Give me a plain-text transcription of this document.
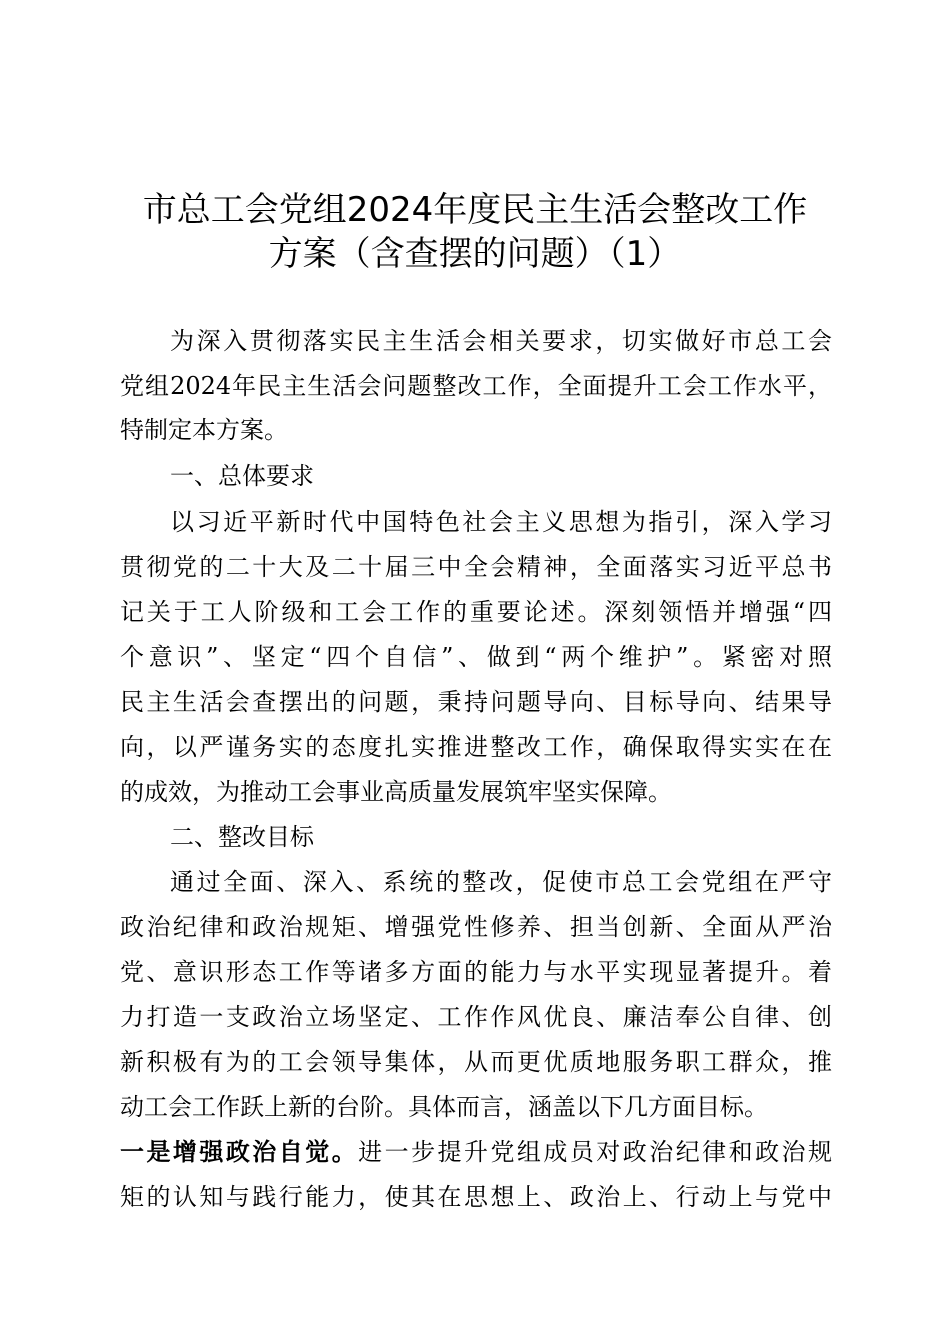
市总工会党组2024年度民主生活会整改工作
方案（含查摆的问题）（1）
为深入贯彻落实民主生活会相关要求，切实做好市总工会
党组2024年民主生活会问题整改工作，全面提升工会工作水平，
特制定本方案。
一、总体要求
以习近平新时代中国特色社会主义思想为指引，深入学习
贯彻党的二十大及二十届三中全会精神，全面落实习近平总书
记关于工人阶级和工会工作的重要论述。深刻领悟并增强“四
个意识”、坚定“四个自信”、做到“两个维护”。紧密对照
民主生活会查摆出的问题，秉持问题导向、目标导向、结果导
向，以严谨务实的态度扎实推进整改工作，确保取得实实在在
的成效，为推动工会事业高质量发展筑牢坚实保障。
二、整改目标
通过全面、深入、系统的整改，促使市总工会党组在严守
政治纪律和政治规矩、增强党性修养、担当创新、全面从严治
党、意识形态工作等诸多方面的能力与水平实现显著提升。着
力打造一支政治立场坚定、工作作风优良、廉洁奉公自律、创
新积极有为的工会领导集体，从而更优质地服务职工群众，推
动工会工作跃上新的台阶。具体而言，涵盖以下几方面目标。
一是增强政治自觉。进一步提升党组成员对政治纪律和政治规
矩的认知与践行能力，使其在思想上、政治上、行动上与党中
